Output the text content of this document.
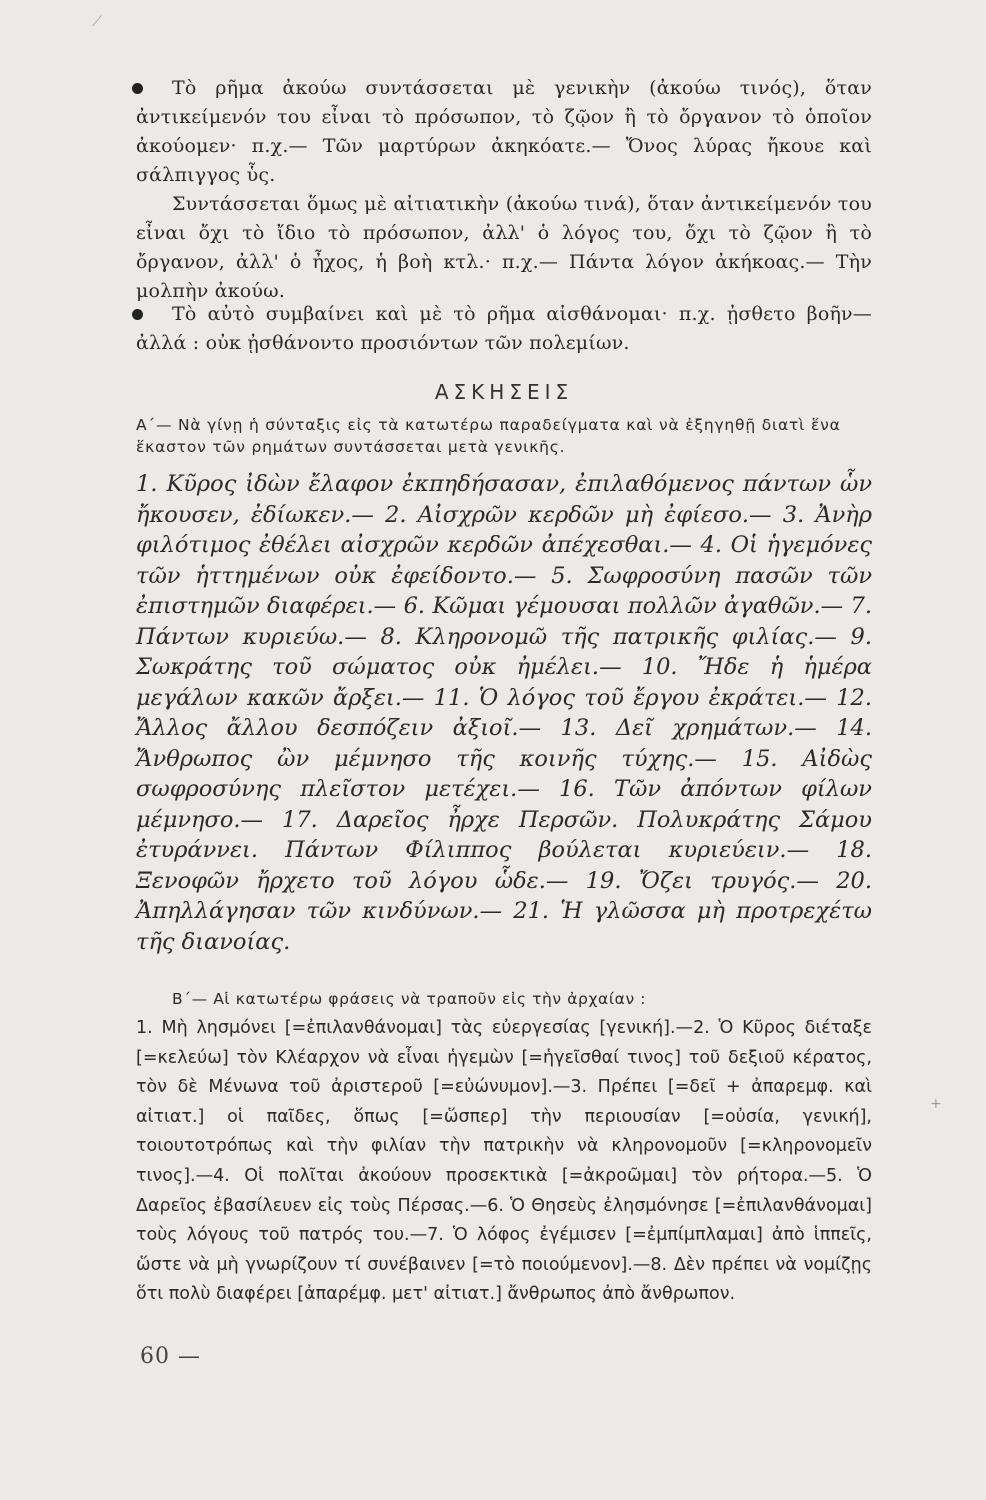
⟋
+

Τὸ ρῆμα ἀκούω συντάσσεται μὲ γενικὴν (ἀκούω τινός), ὅταν ἀντικείμενόν του εἶναι τὸ πρόσωπον, τὸ ζῷον ἢ τὸ ὄργανον τὸ ὁποῖον ἀκούομεν· π.χ.— Τῶν μαρτύρων ἀκηκόατε.— Ὄνος λύρας ἤκουε καὶ σάλπιγγος ὗς.

Συντάσσεται ὅμως μὲ αἰτιατικὴν (ἀκούω τινά), ὅταν ἀντικείμενόν του εἶναι ὄχι τὸ ἴδιο τὸ πρόσωπον, ἀλλ' ὁ λόγος του, ὄχι τὸ ζῷον ἢ τὸ ὄργανον, ἀλλ' ὁ ἦχος, ἡ βοὴ κτλ.· π.χ.— Πάντα λόγον ἀκήκοας.— Τὴν μολπὴν ἀκούω.

Τὸ αὐτὸ συμβαίνει καὶ μὲ τὸ ρῆμα αἰσθάνομαι· π.χ. ᾐσθετο βοῆν— ἀλλά : οὐκ ᾐσθάνοντο προσιόντων τῶν πολεμίων.

ΑΣΚΗΣΕΙΣ

Α΄— Νὰ γίνῃ ἡ σύνταξις εἰς τὰ κατωτέρω παραδείγματα καὶ νὰ ἐξηγηθῇ διατὶ ἕνα ἕκαστον τῶν ρημάτων συντάσσεται μετὰ γενικῆς.

1. Κῦρος ἰδὼν ἔλαφον ἐκπηδήσασαν, ἐπιλαθόμενος πάντων ὧν ἤκουσεν, ἐδίωκεν.— 2. Αἰσχρῶν κερδῶν μὴ ἐφίεσο.— 3. Ἀνὴρ φιλότιμος ἐθέλει αἰσχρῶν κερδῶν ἀπέχεσθαι.— 4. Οἱ ἡγεμόνες τῶν ἡττημένων οὐκ ἐφείδοντο.— 5. Σωφροσύνη πασῶν τῶν ἐπιστημῶν διαφέρει.— 6. Κῶμαι γέμουσαι πολλῶν ἀγαθῶν.— 7. Πάντων κυριεύω.— 8. Κληρονομῶ τῆς πατρικῆς φιλίας.— 9. Σωκράτης τοῦ σώματος οὐκ ἠμέλει.— 10. Ἤδε ἡ ἡμέρα μεγάλων κακῶν ἄρξει.— 11. Ὁ λόγος τοῦ ἔργου ἐκράτει.— 12. Ἄλλος ἄλλου δεσπόζειν ἀξιοῖ.— 13. Δεῖ χρημάτων.— 14. Ἄνθρωπος ὢν μέμνησο τῆς κοινῆς τύχης.— 15. Αἰδὼς σωφροσύνης πλεῖστον μετέχει.— 16. Τῶν ἀπόντων φίλων μέμνησο.— 17. Δαρεῖος ἦρχε Περσῶν. Πολυκράτης Σάμου ἐτυράννει. Πάντων Φίλιππος βούλεται κυριεύειν.— 18. Ξενοφῶν ἤρχετο τοῦ λόγου ὧδε.— 19. Ὄζει τρυγός.— 20. Ἀπηλλάγησαν τῶν κινδύνων.— 21. Ἡ γλῶσσα μὴ προτρεχέτω τῆς διανοίας.

Β΄— Αἱ κατωτέρω φράσεις νὰ τραποῦν εἰς τὴν ἀρχαίαν :

1. Μὴ λησμόνει [=ἐπιλανθάνομαι] τὰς εὐεργεσίας [γενική].—2. Ὁ Κῦρος διέταξε [=κελεύω] τὸν Κλέαρχον νὰ εἶναι ἡγεμὼν [=ἡγεῖσθαί τινος] τοῦ δεξιοῦ κέρατος, τὸν δὲ Μένωνα τοῦ ἀριστεροῦ [=εὐώνυμον].—3. Πρέπει [=δεῖ + ἀπαρεμφ. καὶ αἰτιατ.] οἱ παῖδες, ὅπως [=ὥσπερ] τὴν περιουσίαν [=οὐσία, γενική], τοιουτοτρόπως καὶ τὴν φιλίαν τὴν πατρικὴν νὰ κληρονομοῦν [=κληρονομεῖν τινος].—4. Οἱ πολῖται ἀκούουν προσεκτικὰ [=ἀκροῶμαι] τὸν ρήτορα.—5. Ὁ Δαρεῖος ἐβασίλευεν εἰς τοὺς Πέρσας.—6. Ὁ Θησεὺς ἐλησμόνησε [=ἐπιλανθάνομαι] τοὺς λόγους τοῦ πατρός του.—7. Ὁ λόφος ἐγέμισεν [=ἐμπίμπλαμαι] ἀπὸ ἱππεῖς, ὥστε νὰ μὴ γνωρίζουν τί συνέβαινεν [=τὸ ποιούμενον].—8. Δὲν πρέπει νὰ νομίζῃς ὅτι πολὺ διαφέρει [ἀπαρέμφ. μετ' αἰτιατ.] ἄνθρωπος ἀπὸ ἄνθρωπον.

60 —
